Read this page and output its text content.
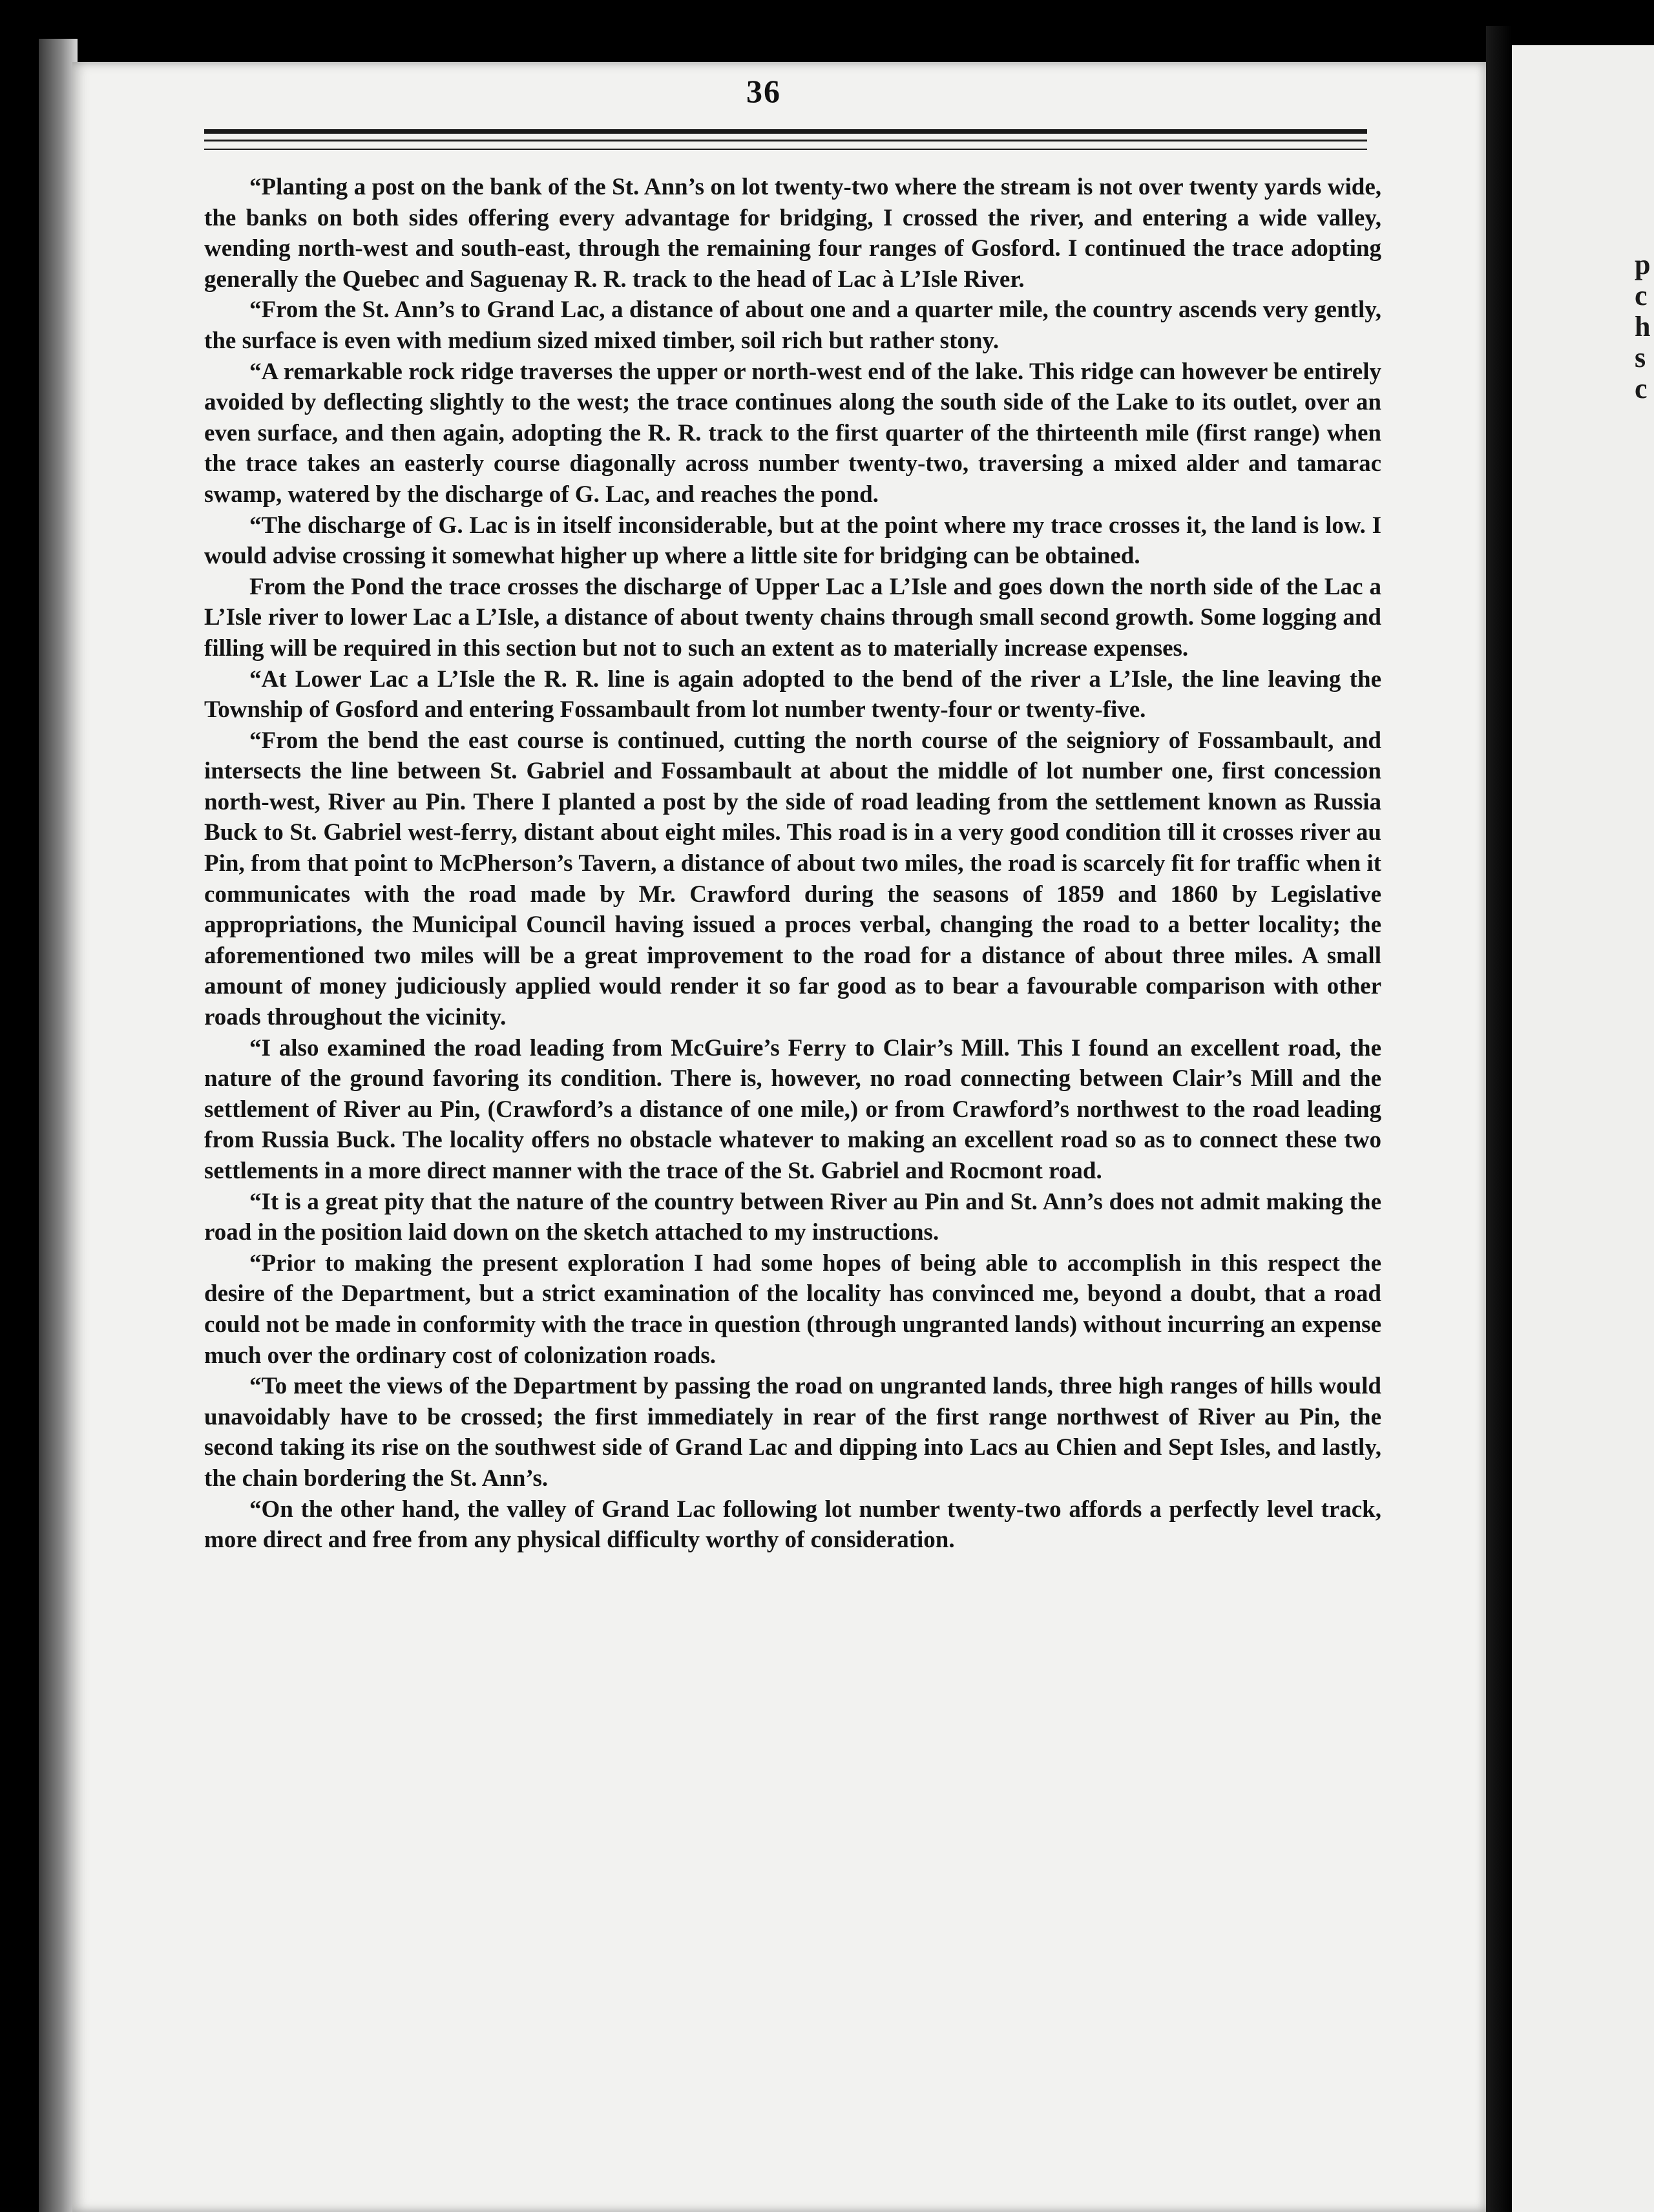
p
c
h
s
c
36

“Planting a post on the bank of the St. Ann’s on lot twenty-two where the stream is not over twenty yards wide, the banks on both sides offering every advantage for bridging, I crossed the river, and entering a wide valley, wending north-west and south-east, through the remaining four ranges of Gosford. I continued the trace adopting generally the Quebec and Saguenay R. R. track to the head of Lac à L’Isle River.

“From the St. Ann’s to Grand Lac, a distance of about one and a quarter mile, the country ascends very gently, the surface is even with medium sized mixed timber, soil rich but rather stony.

“A remarkable rock ridge traverses the upper or north-west end of the lake. This ridge can however be entirely avoided by deflecting slightly to the west; the trace continues along the south side of the Lake to its outlet, over an even surface, and then again, adopting the R. R. track to the first quarter of the thirteenth mile (first range) when the trace takes an easterly course diagonally across number twenty-two, traversing a mixed alder and tamarac swamp, watered by the discharge of G. Lac, and reaches the pond.

“The discharge of G. Lac is in itself inconsiderable, but at the point where my trace crosses it, the land is low. I would advise crossing it somewhat higher up where a little site for bridging can be obtained.

From the Pond the trace crosses the discharge of Upper Lac a L’Isle and goes down the north side of the Lac a L’Isle river to lower Lac a L’Isle, a distance of about twenty chains through small second growth. Some logging and filling will be required in this section but not to such an extent as to materially increase expenses.

“At Lower Lac a L’Isle the R. R. line is again adopted to the bend of the river a L’Isle, the line leaving the Township of Gosford and entering Fossambault from lot number twenty-four or twenty-five.

“From the bend the east course is continued, cutting the north course of the seigniory of Fossambault, and intersects the line between St. Gabriel and Fossambault at about the middle of lot number one, first concession north-west, River au Pin. There I planted a post by the side of road leading from the settlement known as Russia Buck to St. Gabriel west-ferry, distant about eight miles. This road is in a very good condition till it crosses river au Pin, from that point to McPherson’s Tavern, a distance of about two miles, the road is scarcely fit for traffic when it communicates with the road made by Mr. Crawford during the seasons of 1859 and 1860 by Legislative appropriations, the Municipal Council having issued a proces verbal, changing the road to a better locality; the aforementioned two miles will be a great improvement to the road for a distance of about three miles. A small amount of money judiciously applied would render it so far good as to bear a favourable comparison with other roads throughout the vicinity.

“I also examined the road leading from McGuire’s Ferry to Clair’s Mill. This I found an excellent road, the nature of the ground favoring its condition. There is, however, no road connecting between Clair’s Mill and the settlement of River au Pin, (Crawford’s a distance of one mile,) or from Crawford’s northwest to the road leading from Russia Buck. The locality offers no obstacle whatever to making an excellent road so as to connect these two settlements in a more direct manner with the trace of the St. Gabriel and Rocmont road.

“It is a great pity that the nature of the country between River au Pin and St. Ann’s does not admit making the road in the position laid down on the sketch attached to my instructions.

“Prior to making the present exploration I had some hopes of being able to accomplish in this respect the desire of the Department, but a strict examination of the locality has convinced me, beyond a doubt, that a road could not be made in conformity with the trace in question (through ungranted lands) without incurring an expense much over the ordinary cost of colonization roads.

“To meet the views of the Department by passing the road on ungranted lands, three high ranges of hills would unavoidably have to be crossed; the first immediately in rear of the first range northwest of River au Pin, the second taking its rise on the southwest side of Grand Lac and dipping into Lacs au Chien and Sept Isles, and lastly, the chain bordering the St. Ann’s.

“On the other hand, the valley of Grand Lac following lot number twenty-two affords a perfectly level track, more direct and free from any physical difficulty worthy of consideration.
